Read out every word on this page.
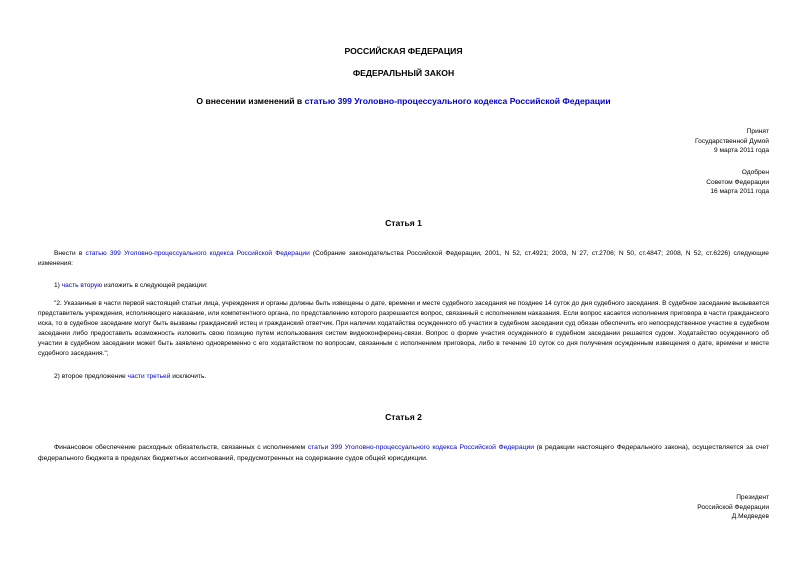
РОССИЙСКАЯ ФЕДЕРАЦИЯ
ФЕДЕРАЛЬНЫЙ ЗАКОН
О внесении изменений в статью 399 Уголовно-процессуального кодекса Российской Федерации
Принят
Государственной Думой
9 марта 2011 года
Одобрен
Советом Федерации
16 марта 2011 года
Статья 1
Внести в статью 399 Уголовно-процессуального кодекса Российской Федерации (Собрание законодательства Российской Федерации, 2001, N 52, ст.4921; 2003, N 27, ст.2706; N 50, ст.4847; 2008, N 52, ст.6226) следующие изменения:
1) часть вторую изложить в следующей редакции:
"2. Указанные в части первой настоящей статьи лица, учреждения и органы должны быть извещены о дате, времени и месте судебного заседания не позднее 14 суток до дня судебного заседания. В судебное заседание вызывается представитель учреждения, исполняющего наказание, или компетентного органа, по представлению которого разрешается вопрос, связанный с исполнением наказания. Если вопрос касается исполнения приговора в части гражданского иска, то в судебное заседание могут быть вызваны гражданский истец и гражданский ответчик. При наличии ходатайства осужденного об участии в судебном заседании суд обязан обеспечить его непосредственное участие в судебном заседании либо предоставить возможность изложить свою позицию путем использования систем видеоконференц-связи. Вопрос о форме участия осужденного в судебном заседании решается судом. Ходатайство осужденного об участии в судебном заседании может быть заявлено одновременно с его ходатайством по вопросам, связанным с исполнением приговора, либо в течение 10 суток со дня получения осужденным извещения о дате, времени и месте судебного заседания.";
2) второе предложение части третьей исключить.
Статья 2
Финансовое обеспечение расходных обязательств, связанных с исполнением статьи 399 Уголовно-процессуального кодекса Российской Федерации (в редакции настоящего Федерального закона), осуществляется за счет федерального бюджета в пределах бюджетных ассигнований, предусмотренных на содержание судов общей юрисдикции.
Президент
Российской Федерации
Д.Медведев
